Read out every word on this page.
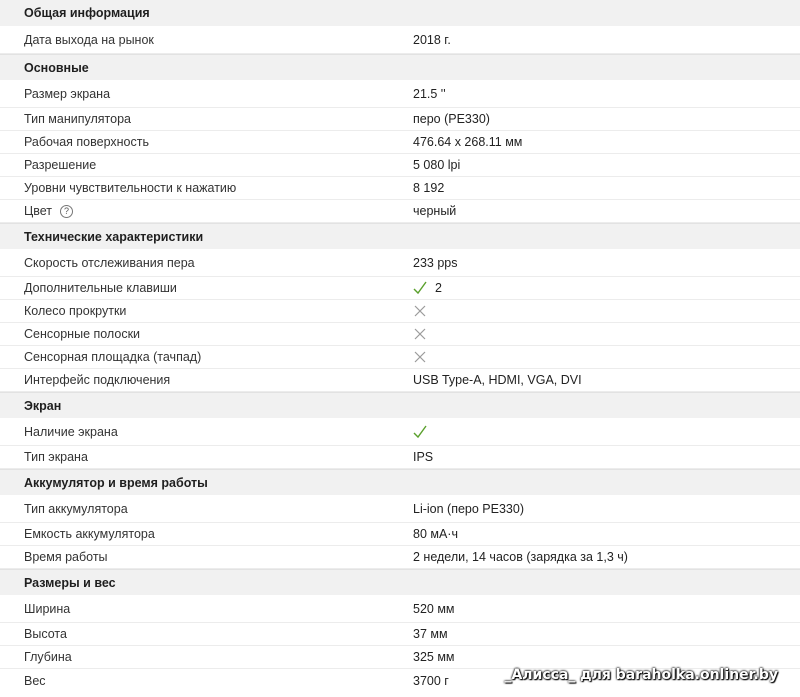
Общая информация
Дата выхода на рынок	2018 г.
Основные
Размер экрана	21.5 ''
Тип манипулятора	перо (PE330)
Рабочая поверхность	476.64 x 268.11 мм
Разрешение	5 080 lpi
Уровни чувствительности к нажатию	8 192
Цвет	?	черный
Технические характеристики
Скорость отслеживания пера	233 pps
Дополнительные клавиши	2
Колесо прокрутки
Сенсорные полоски
Сенсорная площадка (тачпад)
Интерфейс подключения	USB Type-A, HDMI, VGA, DVI
Экран
Наличие экрана
Тип экрана	IPS
Аккумулятор и время работы
Тип аккумулятора	Li-ion (перо PE330)
Емкость аккумулятора	80 мА·ч
Время работы	2 недели, 14 часов (зарядка за 1,3 ч)
Размеры и вес
Ширина	520 мм
Высота	37 мм
Глубина	325 мм
Вес	3700 г	_Алисса_ для baraholka.onliner.by
